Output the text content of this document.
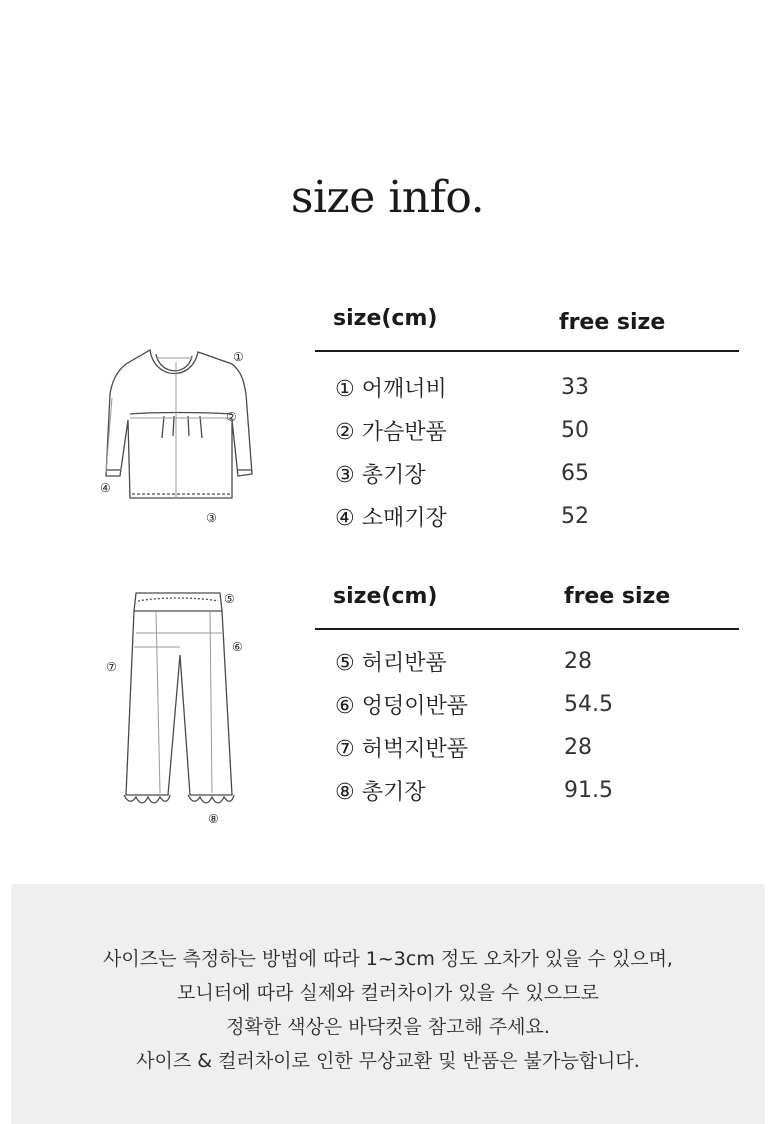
size info.
①
②
③
④
⑤
⑥
⑦
⑧
size(cm)	free size
① 어깨너비	33
② 가슴반품	50
③ 총기장	65
④ 소매기장	52
size(cm)	free size
⑤ 허리반품	28
⑥ 엉덩이반품	54.5
⑦ 허벅지반품	28
⑧ 총기장	91.5

사이즈는 측정하는 방법에 따라 1~3cm 정도 오차가 있을 수 있으며,

모니터에 따라 실제와 컬러차이가 있을 수 있으므로

정확한 색상은 바닥컷을 참고해 주세요.

사이즈 & 컬러차이로 인한 무상교환 및 반품은 불가능합니다.
